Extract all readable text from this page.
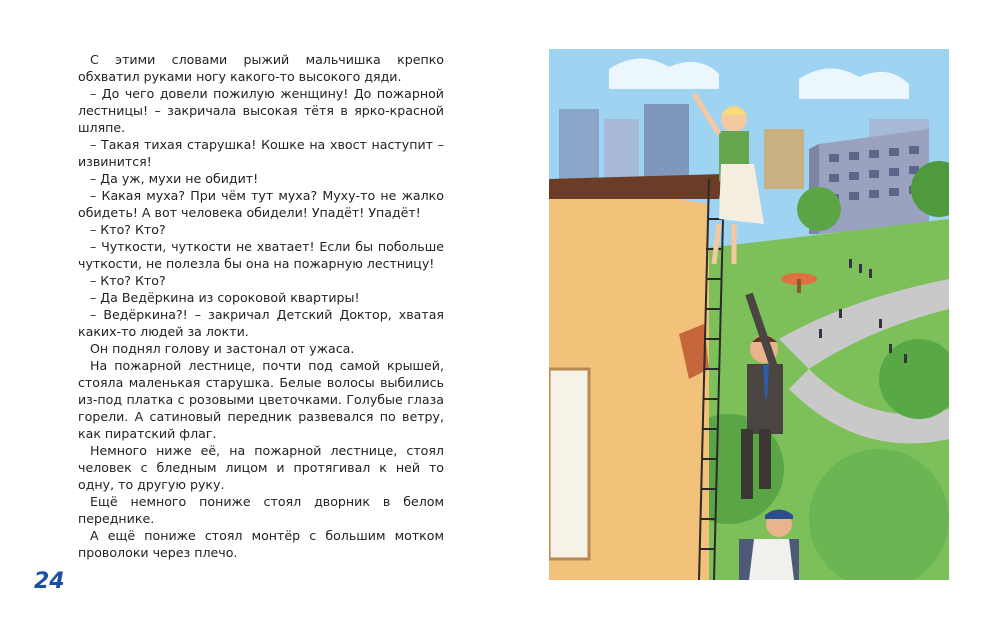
С этими словами рыжий мальчишка крепко обхватил руками ногу какого-то высокого дяди.

– До чего довели пожилую женщину! До пожарной лестницы! – закричала высокая тётя в ярко-красной шляпе.

– Такая тихая старушка! Кошке на хвост наступит – извинится!

– Да уж, мухи не обидит!

– Какая муха? При чём тут муха? Муху-то не жалко обидеть! А вот человека обидели! Упадёт! Упадёт!

– Кто? Кто?

– Чуткости, чуткости не хватает! Если бы побольше чуткости, не полезла бы она на пожарную лестницу!

– Кто? Кто?

– Да Ведёркина из сороковой квартиры!

– Ведёркина?! – закричал Детский Доктор, хватая каких-то людей за локти.

Он поднял голову и застонал от ужаса.

На пожарной лестнице, почти под самой крышей, стояла маленькая старушка. Белые волосы выбились из-под платка с розовыми цветочками. Голубые глаза горели. А сатиновый передник развевался по ветру, как пиратский флаг.

Немного ниже её, на пожарной лестнице, стоял человек с бледным лицом и протягивал к ней то одну, то другую руку.

Ещё немного пониже стоял дворник в белом переднике.

А ещё пониже стоял монтёр с большим мотком проволоки через плечо.

24
